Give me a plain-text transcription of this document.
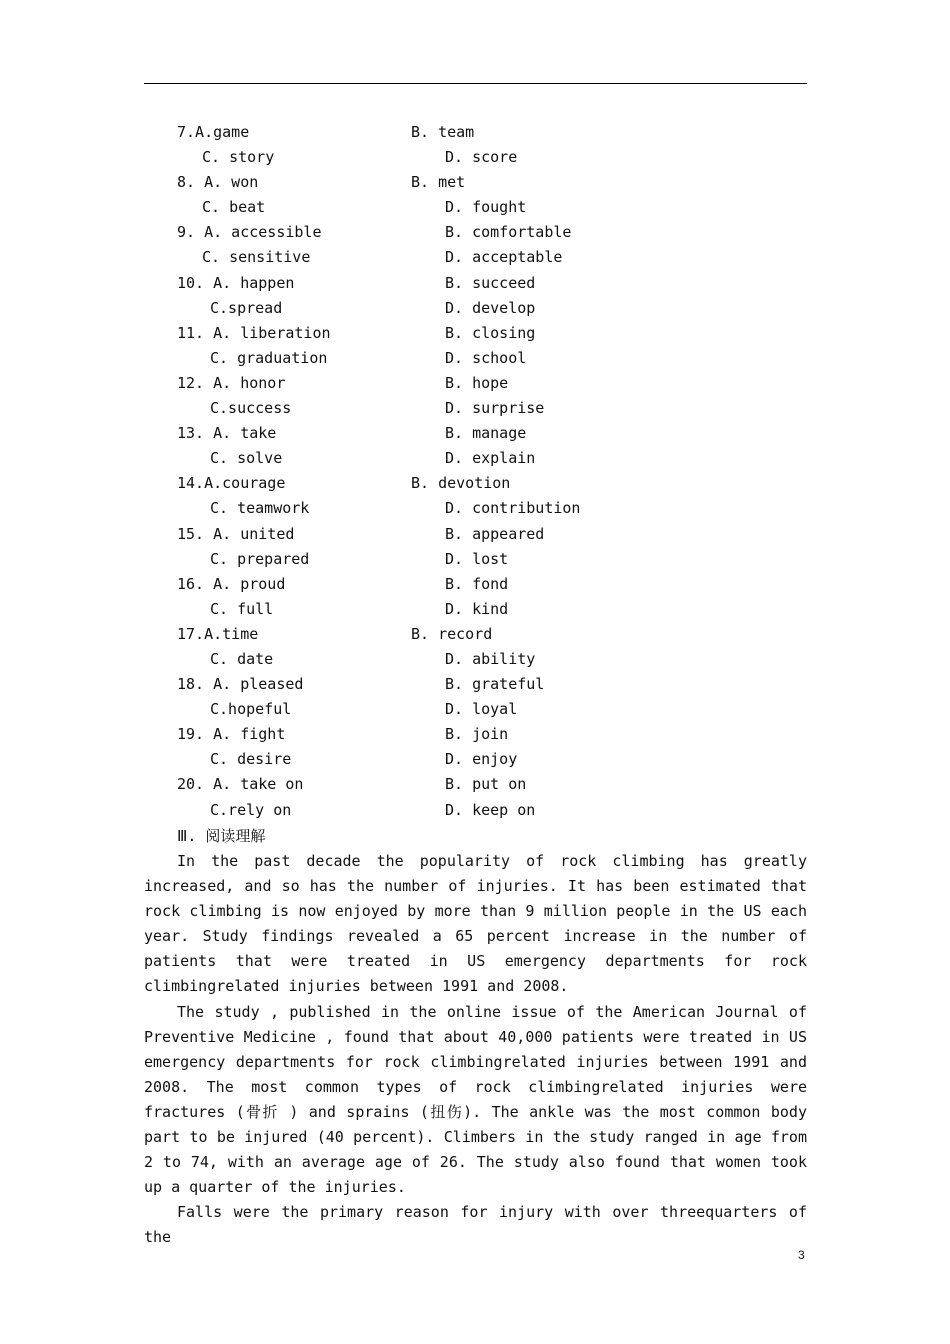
7.A.game	B. team
C. story	D. score
8. A. won	B. met
C. beat	D. fought
9. A. accessible	B. comfortable
C. sensitive	D. acceptable
10. A. happen	B. succeed
C.spread	D. develop
11. A. liberation	B. closing
C. graduation	D. school
12. A. honor	B. hope
C.success	D. surprise
13. A. take	B. manage
C. solve	D. explain
14.A.courage	B. devotion
C. teamwork	D. contribution
15. A. united	B. appeared
C. prepared	D. lost
16. A. proud	B. fond
C. full	D. kind
17.A.time	B. record
C. date	D. ability
18. A. pleased	B. grateful
C.hopeful	D. loyal
19. A. fight	B. join
C. desire	D. enjoy
20. A. take on	B. put on
C.rely on	D. keep on
Ⅲ. 阅读理解

In the past decade the popularity of rock climbing has greatly increased, and so has the number of injuries. It has been estimated that rock climbing is now enjoyed by more than 9 million people in the US each year. Study findings revealed a 65 percent increase in the number of patients that were treated in US emergency departments for rock climbingrelated injuries between 1991 and 2008.

The study , published in the online issue of the American Journal of Preventive Medicine , found that about 40,000 patients were treated in US emergency departments for rock climbingrelated injuries between 1991 and 2008. The most common types of rock climbingrelated injuries were fractures (骨折 ) and sprains (扭伤). The ankle was the most common body part to be injured (40 percent). Climbers in the study ranged in age from 2 to 74, with an average age of 26. The study also found that women took up a quarter of the injuries.

Falls were the primary reason for injury with over threequarters of the

3
